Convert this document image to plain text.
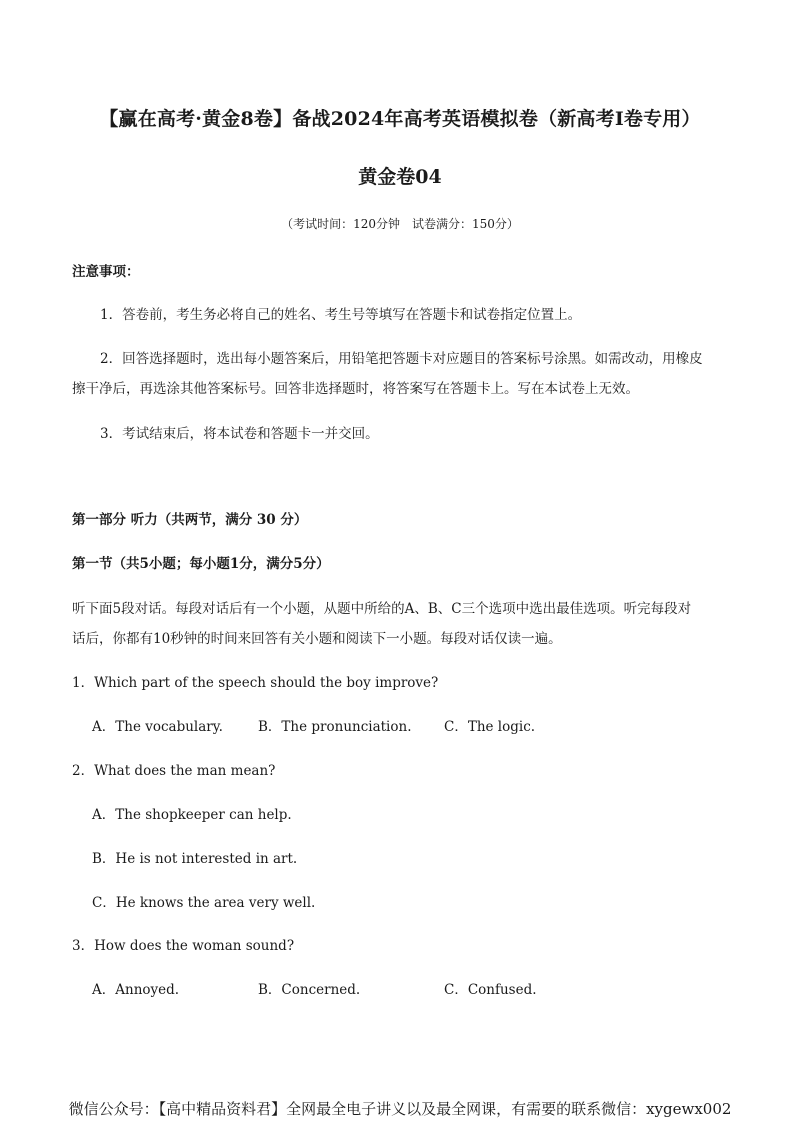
【赢在高考·黄金8卷】备战2024年高考英语模拟卷（新高考I卷专用）
黄金卷04
（考试时间：120分钟　试卷满分：150分）
注意事项：
1．答卷前，考生务必将自己的姓名、考生号等填写在答题卡和试卷指定位置上。
2．回答选择题时，选出每小题答案后，用铅笔把答题卡对应题目的答案标号涂黑。如需改动，用橡皮
擦干净后，再选涂其他答案标号。回答非选择题时，将答案写在答题卡上。写在本试卷上无效。
3．考试结束后，将本试卷和答题卡一并交回。
第一部分 听力（共两节，满分 30 分）
第一节（共5小题；每小题1分，满分5分）
听下面5段对话。每段对话后有一个小题，从题中所给的A、B、C三个选项中选出最佳选项。听完每段对
话后，你都有10秒钟的时间来回答有关小题和阅读下一小题。每段对话仅读一遍。
1．Which part of the speech should the boy improve?
A．The vocabulary.	B．The pronunciation. C．The logic.
2．What does the man mean?
A．The shopkeeper can help.
B．He is not interested in art.
C．He knows the area very well.
3．How does the woman sound?
A．Annoyed.	B．Concerned.	C．Confused.
微信公众号：【高中精品资料君】全网最全电子讲义以及最全网课，有需要的联系微信：xygewx002
